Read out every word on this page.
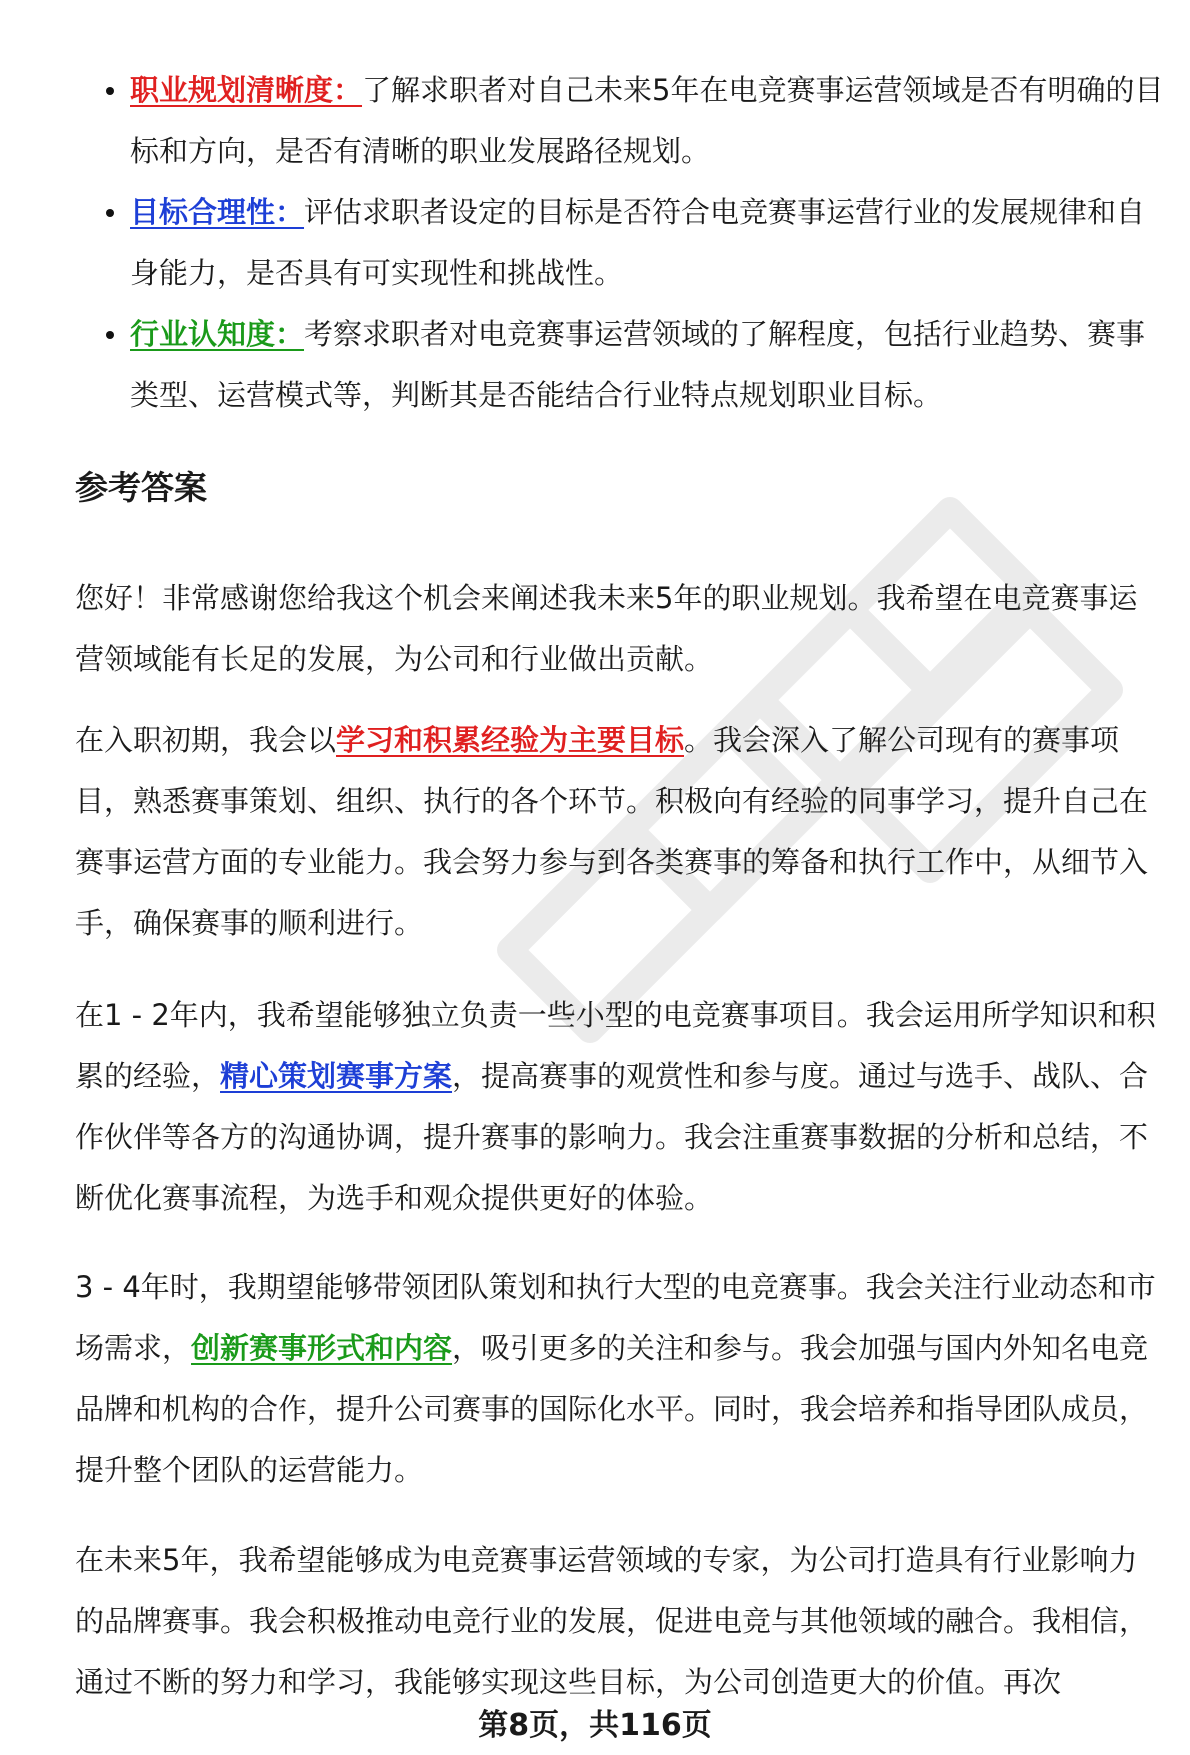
职业规划清晰度：了解求职者对自己未来5年在电竞赛事运营领域是否有明确的目标和方向，是否有清晰的职业发展路径规划。
目标合理性：评估求职者设定的目标是否符合电竞赛事运营行业的发展规律和自身能力，是否具有可实现性和挑战性。
行业认知度：考察求职者对电竞赛事运营领域的了解程度，包括行业趋势、赛事类型、运营模式等，判断其是否能结合行业特点规划职业目标。
参考答案

您好！非常感谢您给我这个机会来阐述我未来5年的职业规划。我希望在电竞赛事运营领域能有长足的发展，为公司和行业做出贡献。

在入职初期，我会以学习和积累经验为主要目标。我会深入了解公司现有的赛事项目，熟悉赛事策划、组织、执行的各个环节。积极向有经验的同事学习，提升自己在赛事运营方面的专业能力。我会努力参与到各类赛事的筹备和执行工作中，从细节入手，确保赛事的顺利进行。

在1 - 2年内，我希望能够独立负责一些小型的电竞赛事项目。我会运用所学知识和积累的经验，精心策划赛事方案，提高赛事的观赏性和参与度。通过与选手、战队、合作伙伴等各方的沟通协调，提升赛事的影响力。我会注重赛事数据的分析和总结，不断优化赛事流程，为选手和观众提供更好的体验。

3 - 4年时，我期望能够带领团队策划和执行大型的电竞赛事。我会关注行业动态和市场需求，创新赛事形式和内容，吸引更多的关注和参与。我会加强与国内外知名电竞品牌和机构的合作，提升公司赛事的国际化水平。同时，我会培养和指导团队成员，提升整个团队的运营能力。

在未来5年，我希望能够成为电竞赛事运营领域的专家，为公司打造具有行业影响力的品牌赛事。我会积极推动电竞行业的发展，促进电竞与其他领域的融合。我相信，通过不断的努力和学习，我能够实现这些目标，为公司创造更大的价值。再次

第8页，共116页
